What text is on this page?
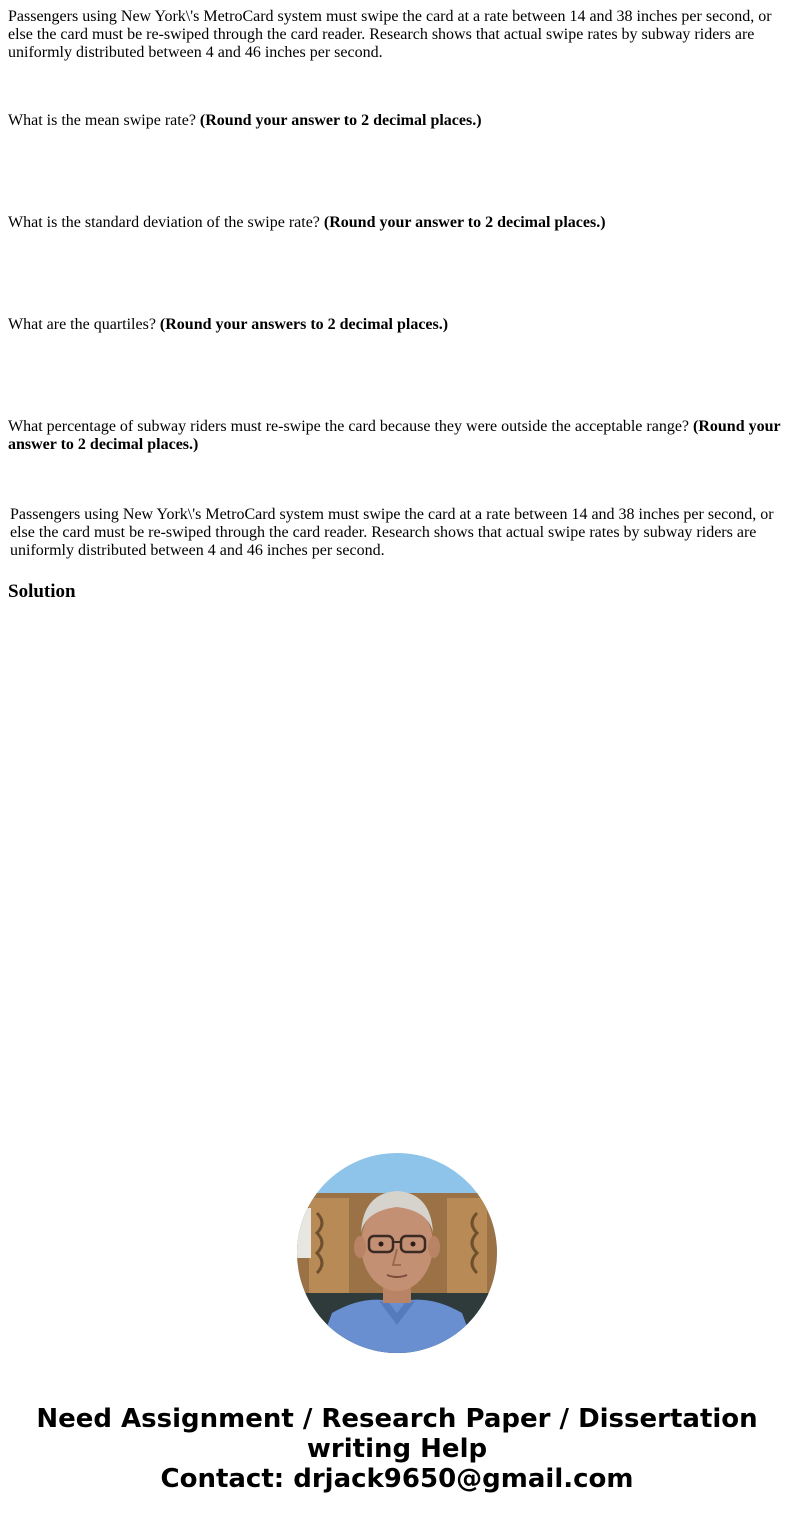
Passengers using New York\'s MetroCard system must swipe the card at a rate between 14 and 38 inches per second, or else the card must be re-swiped through the card reader. Research shows that actual swipe rates by subway riders are uniformly distributed between 4 and 46 inches per second.

What is the mean swipe rate? (Round your answer to 2 decimal places.)

What is the standard deviation of the swipe rate? (Round your answer to 2 decimal places.)

What are the quartiles? (Round your answers to 2 decimal places.)

What percentage of subway riders must re-swipe the card because they were outside the acceptable range? (Round your answer to 2 decimal places.)

Passengers using New York\'s MetroCard system must swipe the card at a rate between 14 and 38 inches per second, or else the card must be re-swiped through the card reader. Research shows that actual swipe rates by subway riders are uniformly distributed between 4 and 46 inches per second.

Solution
Need Assignment / Research Paper / Dissertation writing Help
Contact: drjack9650@gmail.com
